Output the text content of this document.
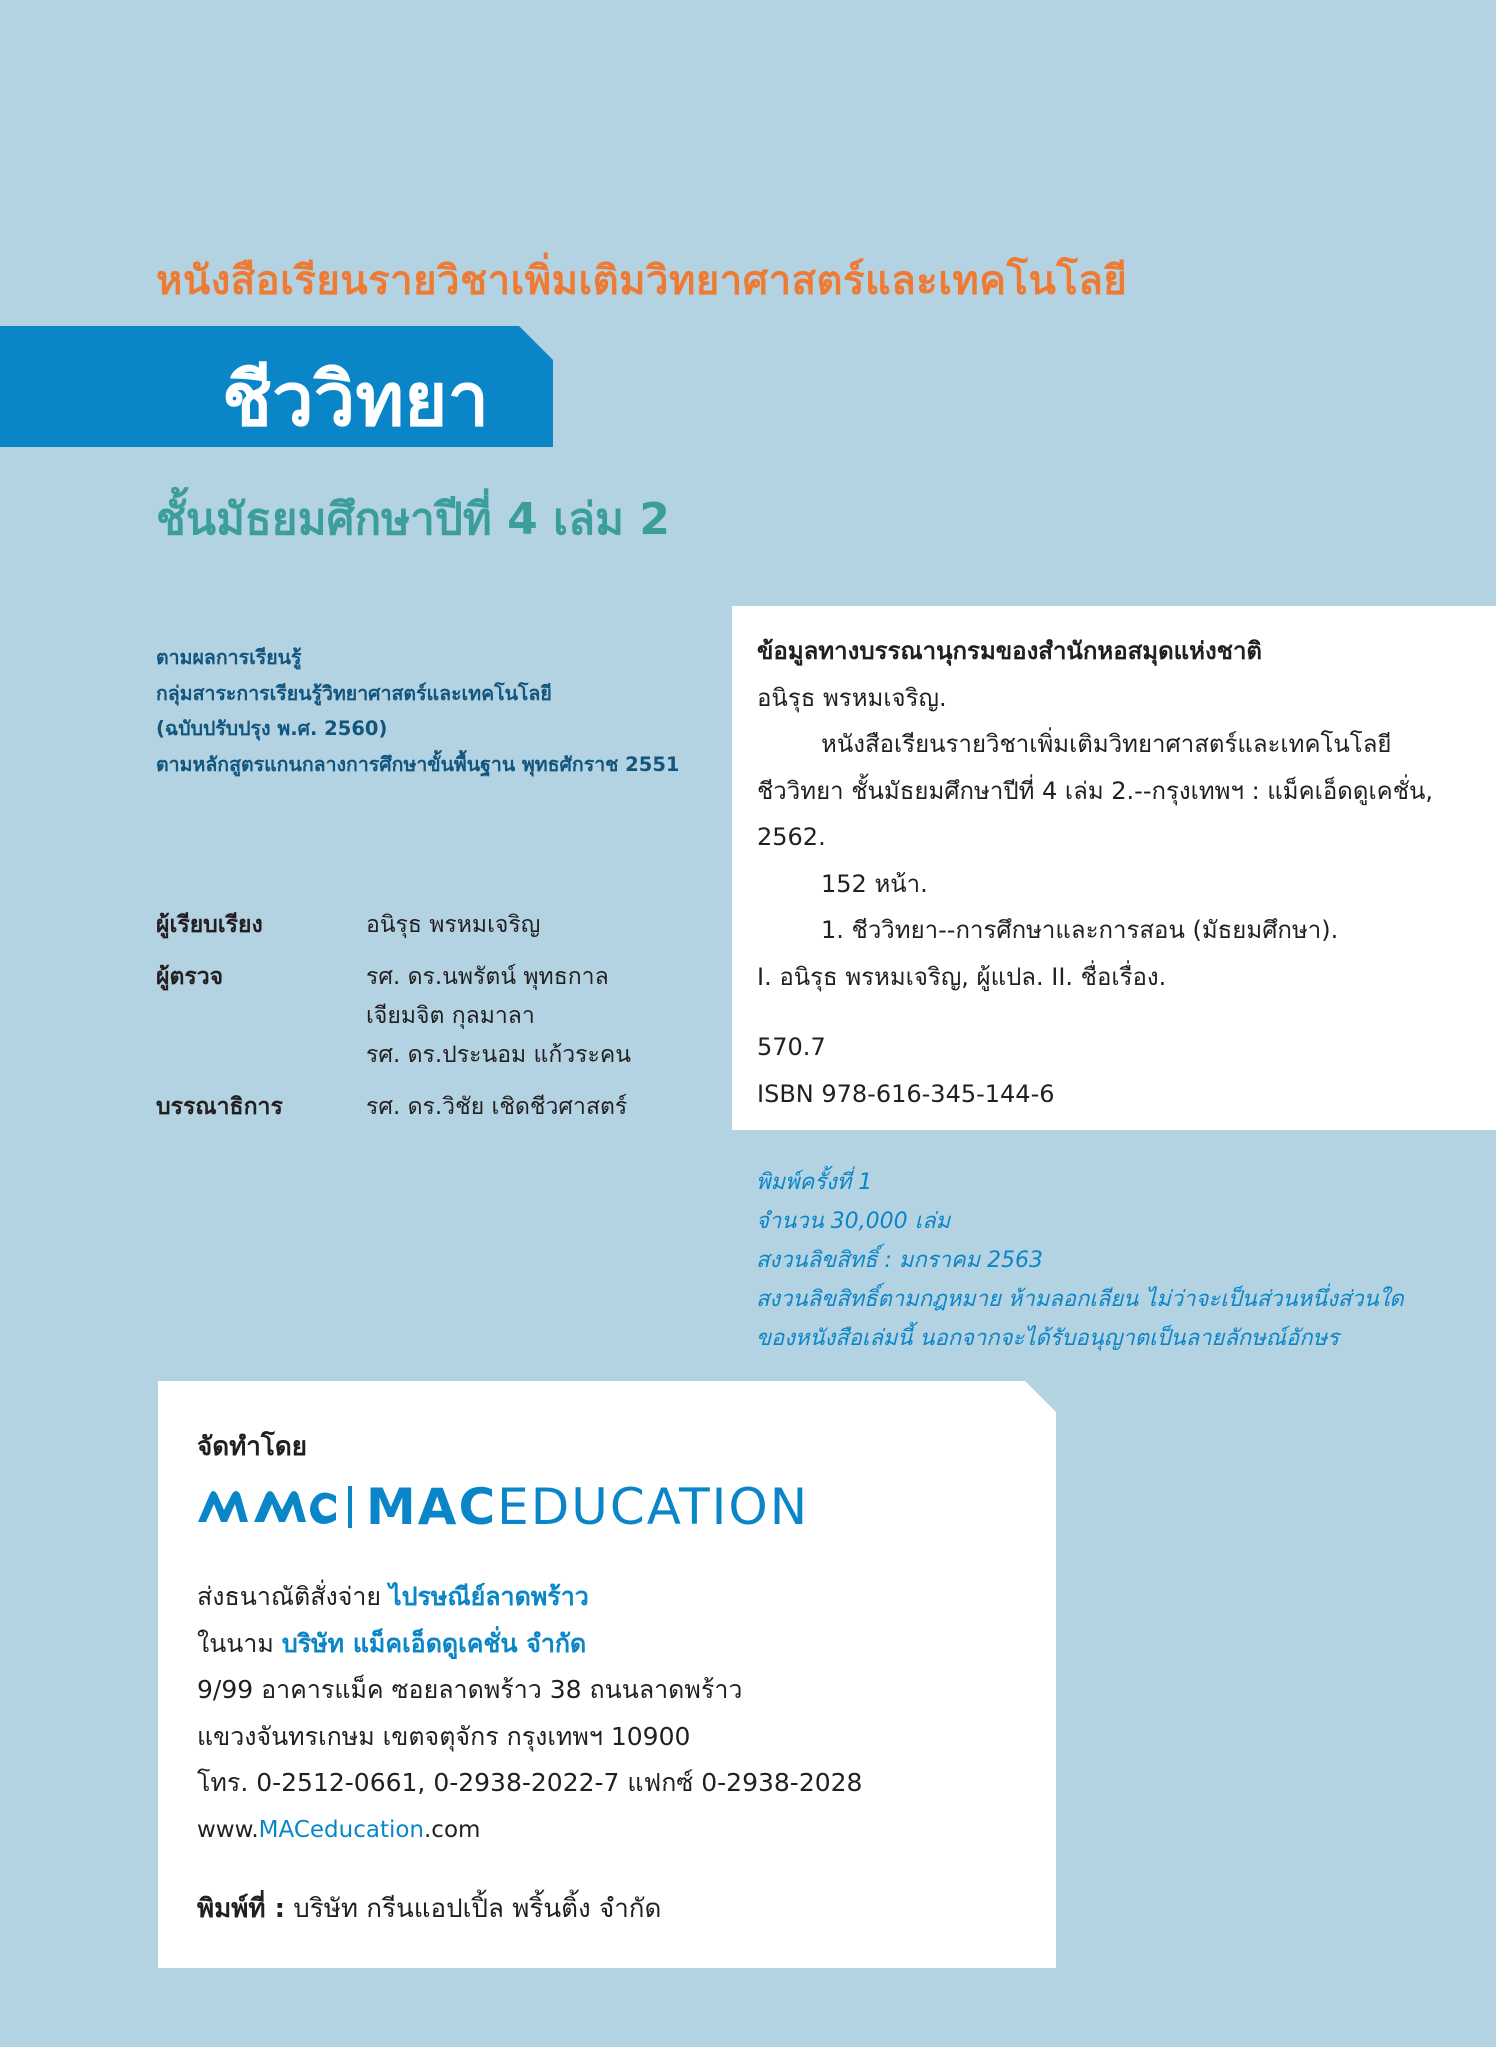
หนังสือเรียนรายวิชาเพิ่มเติมวิทยาศาสตร์และเทคโนโลยี
ชีววิทยา
ชั้นมัธยมศึกษาปีที่ 4 เล่ม 2
ตามผลการเรียนรู้
กลุ่มสาระการเรียนรู้วิทยาศาสตร์และเทคโนโลยี
(ฉบับปรับปรุง พ.ศ. 2560)
ตามหลักสูตรแกนกลางการศึกษาขั้นพื้นฐาน พุทธศักราช 2551
ผู้เรียบเรียง	อนิรุธ พรหมเจริญ
ผู้ตรวจ	รศ. ดร.นพรัตน์ พุทธกาล
เจียมจิต กุลมาลา
รศ. ดร.ประนอม แก้วระคน
บรรณาธิการ	รศ. ดร.วิชัย เชิดชีวศาสตร์
ข้อมูลทางบรรณานุกรมของสำนักหอสมุดแห่งชาติ
อนิรุธ พรหมเจริญ.
หนังสือเรียนรายวิชาเพิ่มเติมวิทยาศาสตร์และเทคโนโลยี
ชีววิทยา ชั้นมัธยมศึกษาปีที่ 4 เล่ม 2.--กรุงเทพฯ : แม็คเอ็ดดูเคชั่น,
2562.
152 หน้า.
1. ชีววิทยา--การศึกษาและการสอน (มัธยมศึกษา).
I. อนิรุธ พรหมเจริญ, ผู้แปล. II. ชื่อเรื่อง.
570.7
ISBN 978-616-345-144-6
พิมพ์ครั้งที่ 1
จำนวน 30,000 เล่ม
สงวนลิขสิทธิ์ : มกราคม 2563
สงวนลิขสิทธิ์ตามกฎหมาย ห้ามลอกเลียน ไม่ว่าจะเป็นส่วนหนึ่งส่วนใด
ของหนังสือเล่มนี้ นอกจากจะได้รับอนุญาตเป็นลายลักษณ์อักษร
จัดทำโดย
MACEDUCATION
ส่งธนาณัติสั่งจ่าย ไปรษณีย์ลาดพร้าว
ในนาม บริษัท แม็คเอ็ดดูเคชั่น จำกัด
9/99 อาคารแม็ค ซอยลาดพร้าว 38 ถนนลาดพร้าว
แขวงจันทรเกษม เขตจตุจักร กรุงเทพฯ 10900
โทร. 0-2512-0661, 0-2938-2022-7 แฟกซ์ 0-2938-2028
www.MACeducation.com
พิมพ์ที่ : บริษัท กรีนแอปเปิ้ล พริ้นติ้ง จำกัด
